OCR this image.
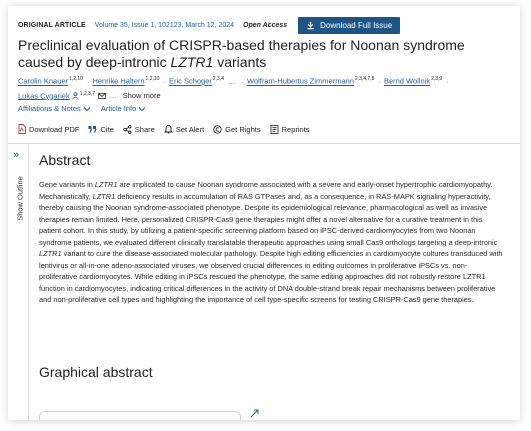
ORIGINAL ARTICLE Volume 35, Issue 1, 102123, March 12, 2024 Open Access	Download Full Issue
Preclinical evaluation of CRISPR-based therapies for Noonan syndrome caused by deep-intronic LZTR1 variants
Carolin Knauer$^{1,2,10}$ · Henrike Haltern$^{1,2,10}$ · Eric Schoger$^{2,3,4}$ … · Wolfram-Hubertus Zimmermann$^{2,3,4,7,8}$ · Bernd Wollnik$^{2,3,9}$ ·
Lukas Cyganek $^{1,2,3,7}$ … Show more
Affiliations & Notes	Article Info
Download PDF	Cite	Share	Set Alert	Get Rights	Reprints
»
Show Outline
Abstract

Gene variants in LZTR1 are implicated to cause Noonan syndrome associated with a severe and early-onset hypertrophic cardiomyopathy. Mechanistically, LZTR1 deficiency results in accumulation of RAS GTPases and, as a consequence, in RAS-MAPK signaling hyperactivity, thereby causing the Noonan syndrome-associated phenotype. Despite its epidemiological relevance, pharmacological as well as invasive therapies remain limited. Here, personalized CRISPR-Cas9 gene therapies might offer a novel alternative for a curative treatment in this patient cohort. In this study, by utilizing a patient-specific screening platform based on iPSC-derived cardiomyocytes from two Noonan syndrome patients, we evaluated different clinically translatable therapeutic approaches using small Cas9 orthologs targeting a deep-intronic LZTR1 variant to cure the disease-associated molecular pathology. Despite high editing efficiencies in cardiomyocyte cultures transduced with lentivirus or all-in-one adeno-associated viruses, we observed crucial differences in editing outcomes in proliferative iPSCs vs. non-proliferative cardiomyocytes. While editing in iPSCs rescued the phenotype, the same editing approaches did not robustly restore LZTR1 function in cardiomyocytes, indicating critical differences in the activity of DNA double-strand break repair mechanisms between proliferative and non-proliferative cell types and highlighting the importance of cell type-specific screens for testing CRISPR-Cas9 gene therapies.

Graphical abstract
